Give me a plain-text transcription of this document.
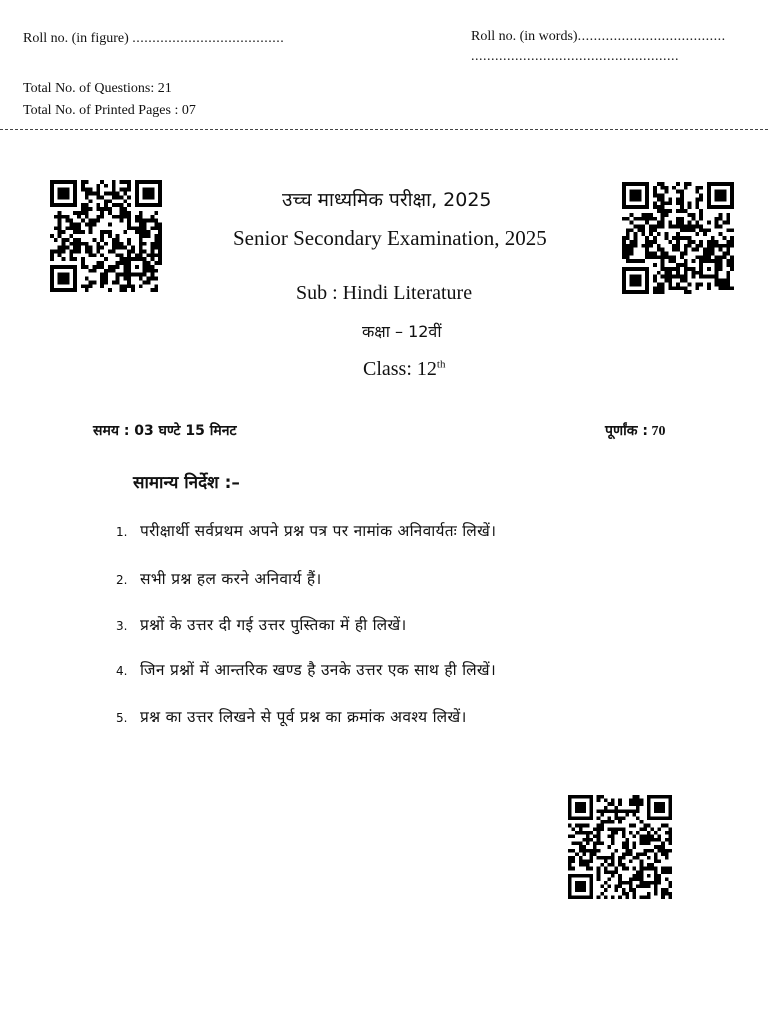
Roll no. (in figure) ......................................	Roll no. (in words).....................................
....................................................
Total No. of Questions: 21
Total No. of Printed Pages : 07
उच्च माध्यमिक परीक्षा, 2025
Senior Secondary Examination, 2025
Sub : Hindi Literature
कक्षा – 12वीं
Class: 12th
समय : 03 घण्टे 15 मिनट	पूर्णांक : 70
सामान्य निर्देश :–
1. परीक्षार्थी सर्वप्रथम अपने प्रश्न पत्र पर नामांक अनिवार्यतः लिखें।
2. सभी प्रश्न हल करने अनिवार्य हैं।
3. प्रश्नों के उत्तर दी गई उत्तर पुस्तिका में ही लिखें।
4. जिन प्रश्नों में आन्तरिक खण्ड है उनके उत्तर एक साथ ही लिखें।
5. प्रश्न का उत्तर लिखने से पूर्व प्रश्न का क्रमांक अवश्य लिखें।
